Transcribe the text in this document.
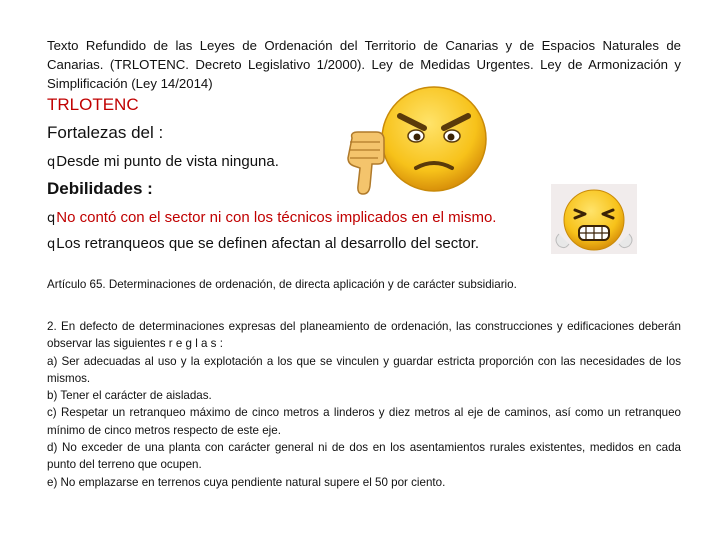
Texto Refundido de las Leyes de Ordenación del Territorio de Canarias y de Espacios Naturales de Canarias. (TRLOTENC. Decreto Legislativo 1/2000). Ley de Medidas Urgentes. Ley de Armonización y Simplificación (Ley 14/2014)
TRLOTENC
Fortalezas del :
qDesde mi punto de vista ninguna.
Debilidades :
qNo contó con el sector ni con los técnicos implicados en el mismo.
qLos retranqueos que se definen afectan al desarrollo del sector.
Artículo 65. Determinaciones de ordenación, de directa aplicación y de carácter subsidiario.

2. En defecto de determinaciones expresas del planeamiento de ordenación, las construcciones y edificaciones deberán observar las siguientes r e g l a s :

a) Ser adecuadas al uso y la explotación a los que se vinculen y guardar estricta proporción con las necesidades de los mismos.

b) Tener el carácter de aisladas.

c) Respetar un retranqueo máximo de cinco metros a linderos y diez metros al eje de caminos, así como un retranqueo mínimo de cinco metros respecto de este eje.

d) No exceder de una planta con carácter general ni de dos en los asentamientos rurales existentes, medidos en cada punto del terreno que ocupen.

e) No emplazarse en terrenos cuya pendiente natural supere el 50 por ciento.
